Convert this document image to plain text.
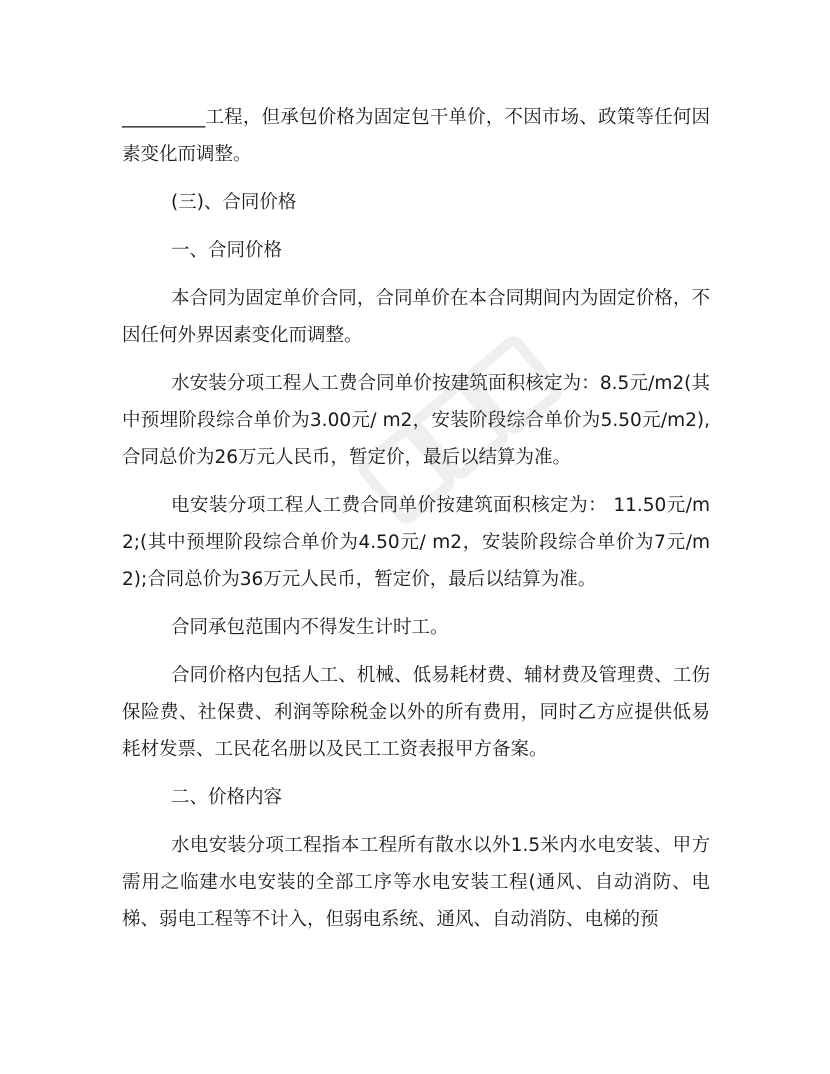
_________工程，但承包价格为固定包干单价，不因市场、政策等任何因素变化而调整。

(三)、合同价格

一、合同价格

本合同为固定单价合同，合同单价在本合同期间内为固定价格，不因任何外界因素变化而调整。

水安装分项工程人工费合同单价按建筑面积核定为：8.5元/m2(其中预埋阶段综合单价为3.00元/ m2，安装阶段综合单价为5.50元/m2),合同总价为26万元人民币，暂定价，最后以结算为准。

电安装分项工程人工费合同单价按建筑面积核定为： 11.50元/m2;(其中预埋阶段综合单价为4.50元/ m2，安装阶段综合单价为7元/m2);合同总价为36万元人民币，暂定价，最后以结算为准。

合同承包范围内不得发生计时工。

合同价格内包括人工、机械、低易耗材费、辅材费及管理费、工伤保险费、社保费、利润等除税金以外的所有费用，同时乙方应提供低易耗材发票、工民花名册以及民工工资表报甲方备案。

二、价格内容

水电安装分项工程指本工程所有散水以外1.5米内水电安装、甲方需用之临建水电安装的全部工序等水电安装工程(通风、自动消防、电梯、弱电工程等不计入，但弱电系统、通风、自动消防、电梯的预
